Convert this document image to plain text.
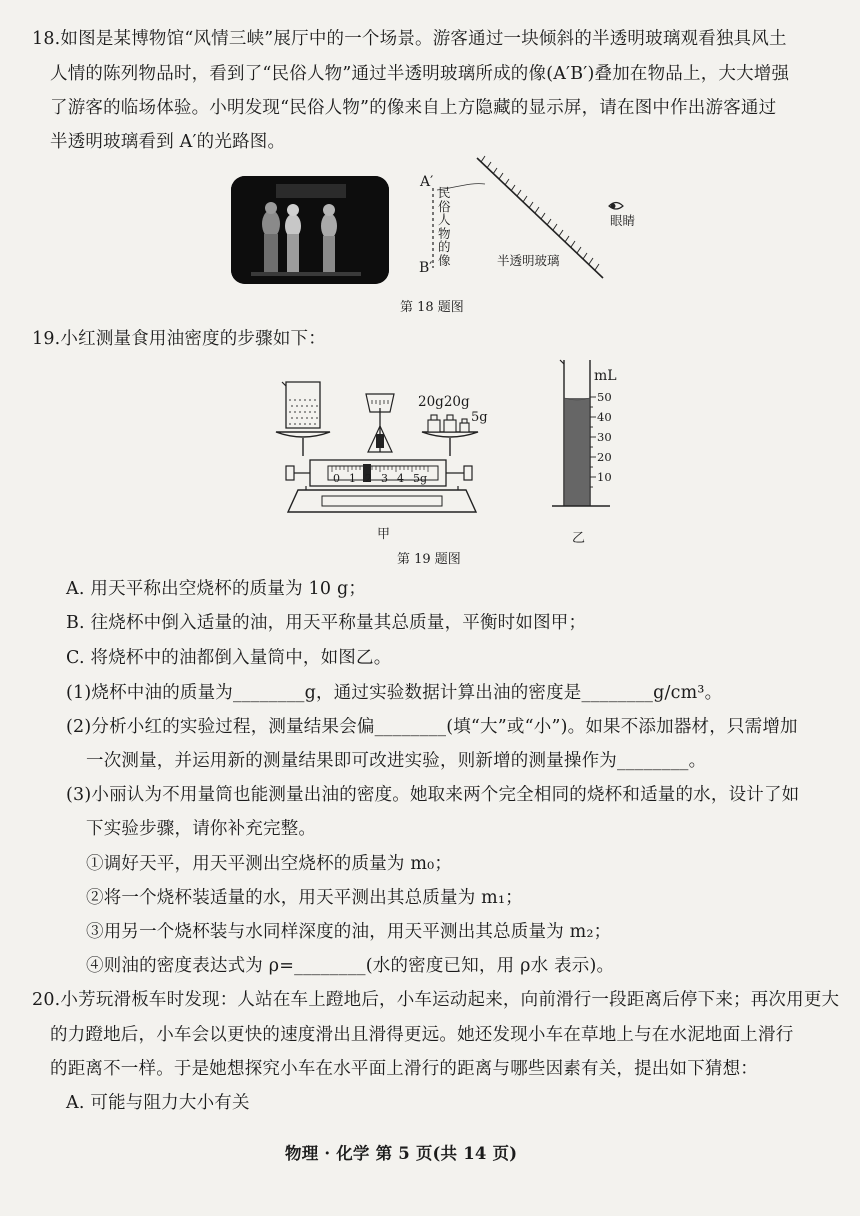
18.如图是某博物馆“风情三峡”展厅中的一个场景。游客通过一块倾斜的半透明玻璃观看独具风土
人情的陈列物品时，看到了“民俗人物”通过半透明玻璃所成的像(A′B′)叠加在物品上，大大增强
了游客的临场体验。小明发现“民俗人物”的像来自上方隐藏的显示屏，请在图中作出游客通过
半透明玻璃看到 A′的光路图。
A′
B′
民
俗
人
物
的
像	半透明玻璃
眼睛
第 18 题图
19.小红测量食用油密度的步骤如下：
20g20g
5g
0 1 2 3 4 5g
甲
第 19 题图
mL
50
40
30
20
10
乙
A. 用天平称出空烧杯的质量为 10 g；
B. 往烧杯中倒入适量的油，用天平称量其总质量，平衡时如图甲；
C. 将烧杯中的油都倒入量筒中，如图乙。
(1)烧杯中油的质量为________g，通过实验数据计算出油的密度是________g/cm³。
(2)分析小红的实验过程，测量结果会偏________(填“大”或“小”)。如果不添加器材，只需增加
一次测量，并运用新的测量结果即可改进实验，则新增的测量操作为________。
(3)小丽认为不用量筒也能测量出油的密度。她取来两个完全相同的烧杯和适量的水，设计了如
下实验步骤，请你补充完整。
①调好天平，用天平测出空烧杯的质量为 m₀；
②将一个烧杯装适量的水，用天平测出其总质量为 m₁；
③用另一个烧杯装与水同样深度的油，用天平测出其总质量为 m₂；
④则油的密度表达式为 ρ=________(水的密度已知，用 ρ水 表示)。
20.小芳玩滑板车时发现：人站在车上蹬地后，小车运动起来，向前滑行一段距离后停下来；再次用更大
的力蹬地后，小车会以更快的速度滑出且滑得更远。她还发现小车在草地上与在水泥地面上滑行
的距离不一样。于是她想探究小车在水平面上滑行的距离与哪些因素有关，提出如下猜想：
A. 可能与阻力大小有关
物理 · 化学 第 5 页(共 14 页)
